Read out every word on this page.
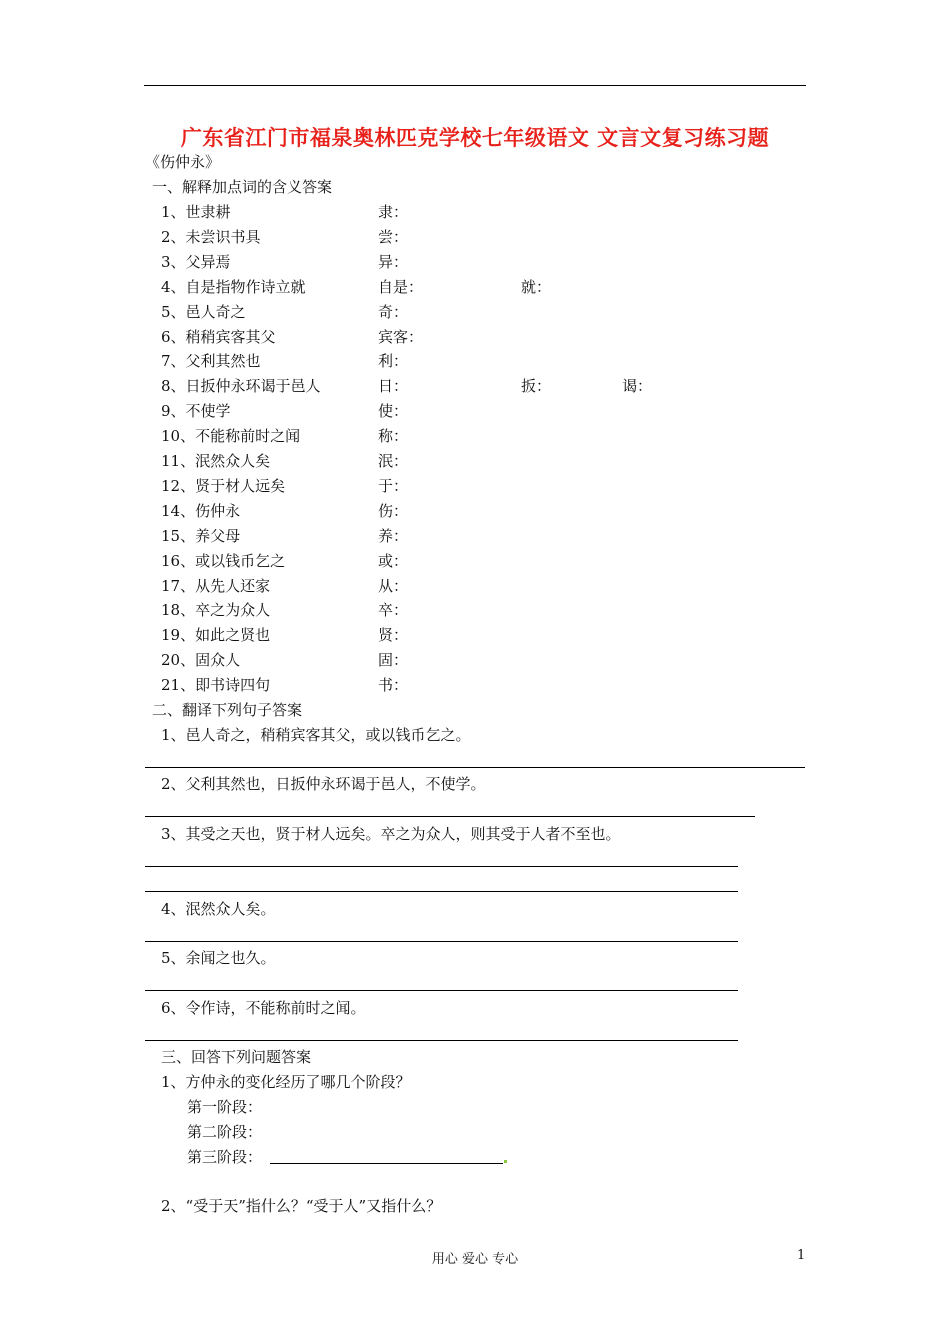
广东省江门市福泉奥林匹克学校七年级语文 文言文复习练习题
《伤仲永》
一、解释加点词的含义答案
1、世隶耕	隶：
2、未尝识书具	尝：
3、父异焉	异：
4、自是指物作诗立就	自是：	就：
5、邑人奇之	奇：
6、稍稍宾客其父	宾客：
7、父利其然也	利：
8、日扳仲永环谒于邑人	日：	扳：	谒：
9、不使学	使：
10、不能称前时之闻	称：
11、泯然众人矣	泯：
12、贤于材人远矣	于：
14、伤仲永	伤：
15、养父母	养：
16、或以钱币乞之	或：
17、从先人还家	从：
18、卒之为众人	卒：
19、如此之贤也	贤：
20、固众人	固：
21、即书诗四句	书：
二、翻译下列句子答案
1、邑人奇之，稍稍宾客其父，或以钱币乞之。
2、父利其然也，日扳仲永环谒于邑人，不使学。
3、其受之天也，贤于材人远矣。卒之为众人，则其受于人者不至也。
4、泯然众人矣。
5、余闻之也久。
6、令作诗，不能称前时之闻。
三、回答下列问题答案
1、方仲永的变化经历了哪几个阶段？
第一阶段：
第二阶段：
第三阶段：
2、“受于天”指什么？“受于人”又指什么？
用心 爱心 专心	1
